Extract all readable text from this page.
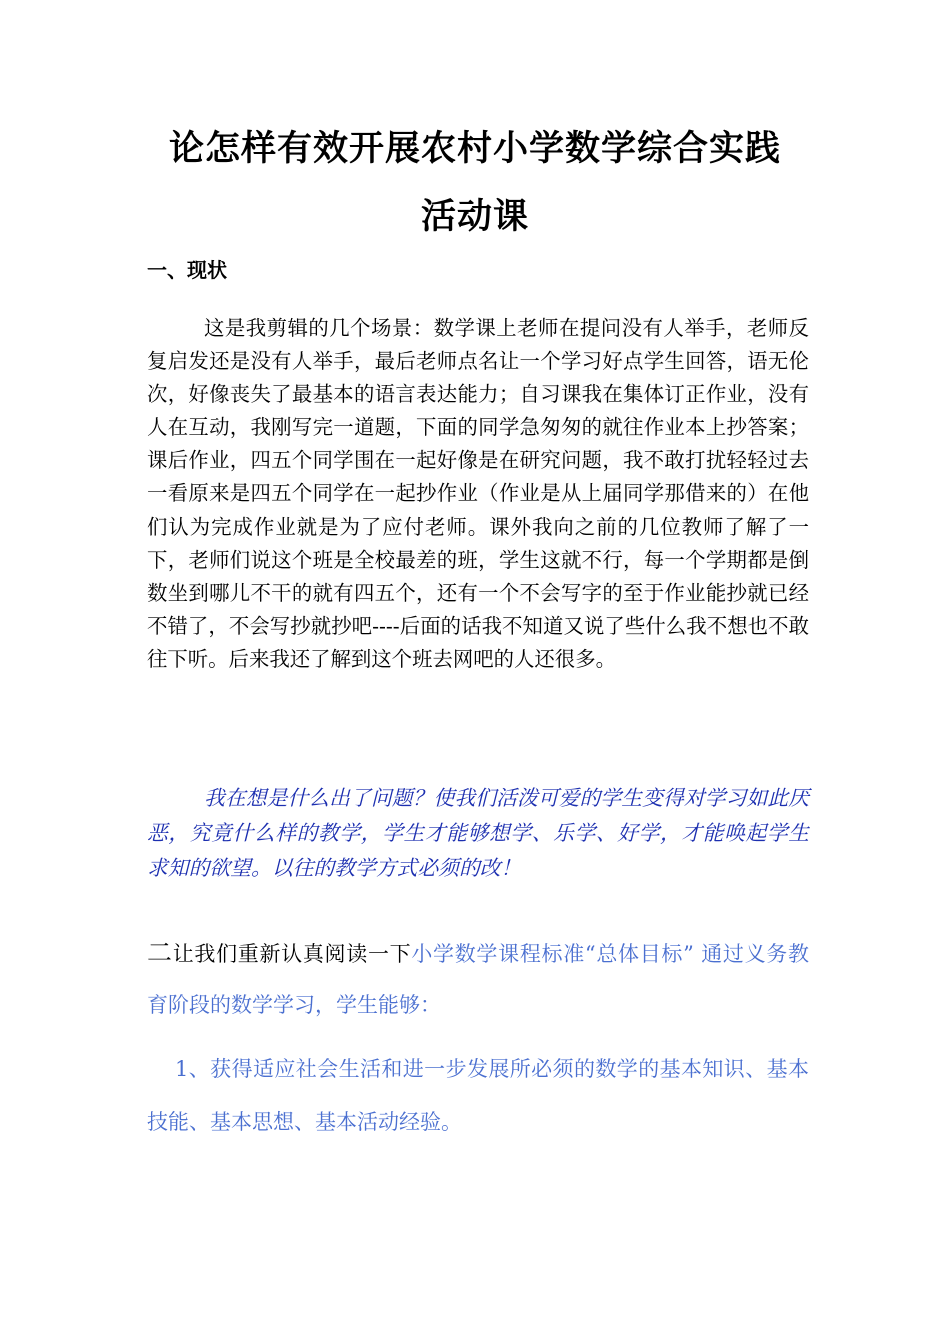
论怎样有效开展农村小学数学综合实践
活动课
一、现状

这是我剪辑的几个场景：数学课上老师在提问没有人举手，老师反复启发还是没有人举手，最后老师点名让一个学习好点学生回答，语无伦次，好像丧失了最基本的语言表达能力；自习课我在集体订正作业，没有人在互动，我刚写完一道题，下面的同学急匆匆的就往作业本上抄答案；课后作业，四五个同学围在一起好像是在研究问题，我不敢打扰轻轻过去一看原来是四五个同学在一起抄作业（作业是从上届同学那借来的）在他们认为完成作业就是为了应付老师。课外我向之前的几位教师了解了一下，老师们说这个班是全校最差的班，学生这就不行，每一个学期都是倒数坐到哪儿不干的就有四五个，还有一个不会写字的至于作业能抄就已经不错了，不会写抄就抄吧----后面的话我不知道又说了些什么我不想也不敢往下听。后来我还了解到这个班去网吧的人还很多。

我在想是什么出了问题？使我们活泼可爱的学生变得对学习如此厌恶，究竟什么样的教学，学生才能够想学、乐学、好学，才能唤起学生求知的欲望。以往的教学方式必须的改！

二让我们重新认真阅读一下小学数学课程标准“总体目标” 通过义务教育阶段的数学学习，学生能够：

1、获得适应社会生活和进一步发展所必须的数学的基本知识、基本技能、基本思想、基本活动经验。
